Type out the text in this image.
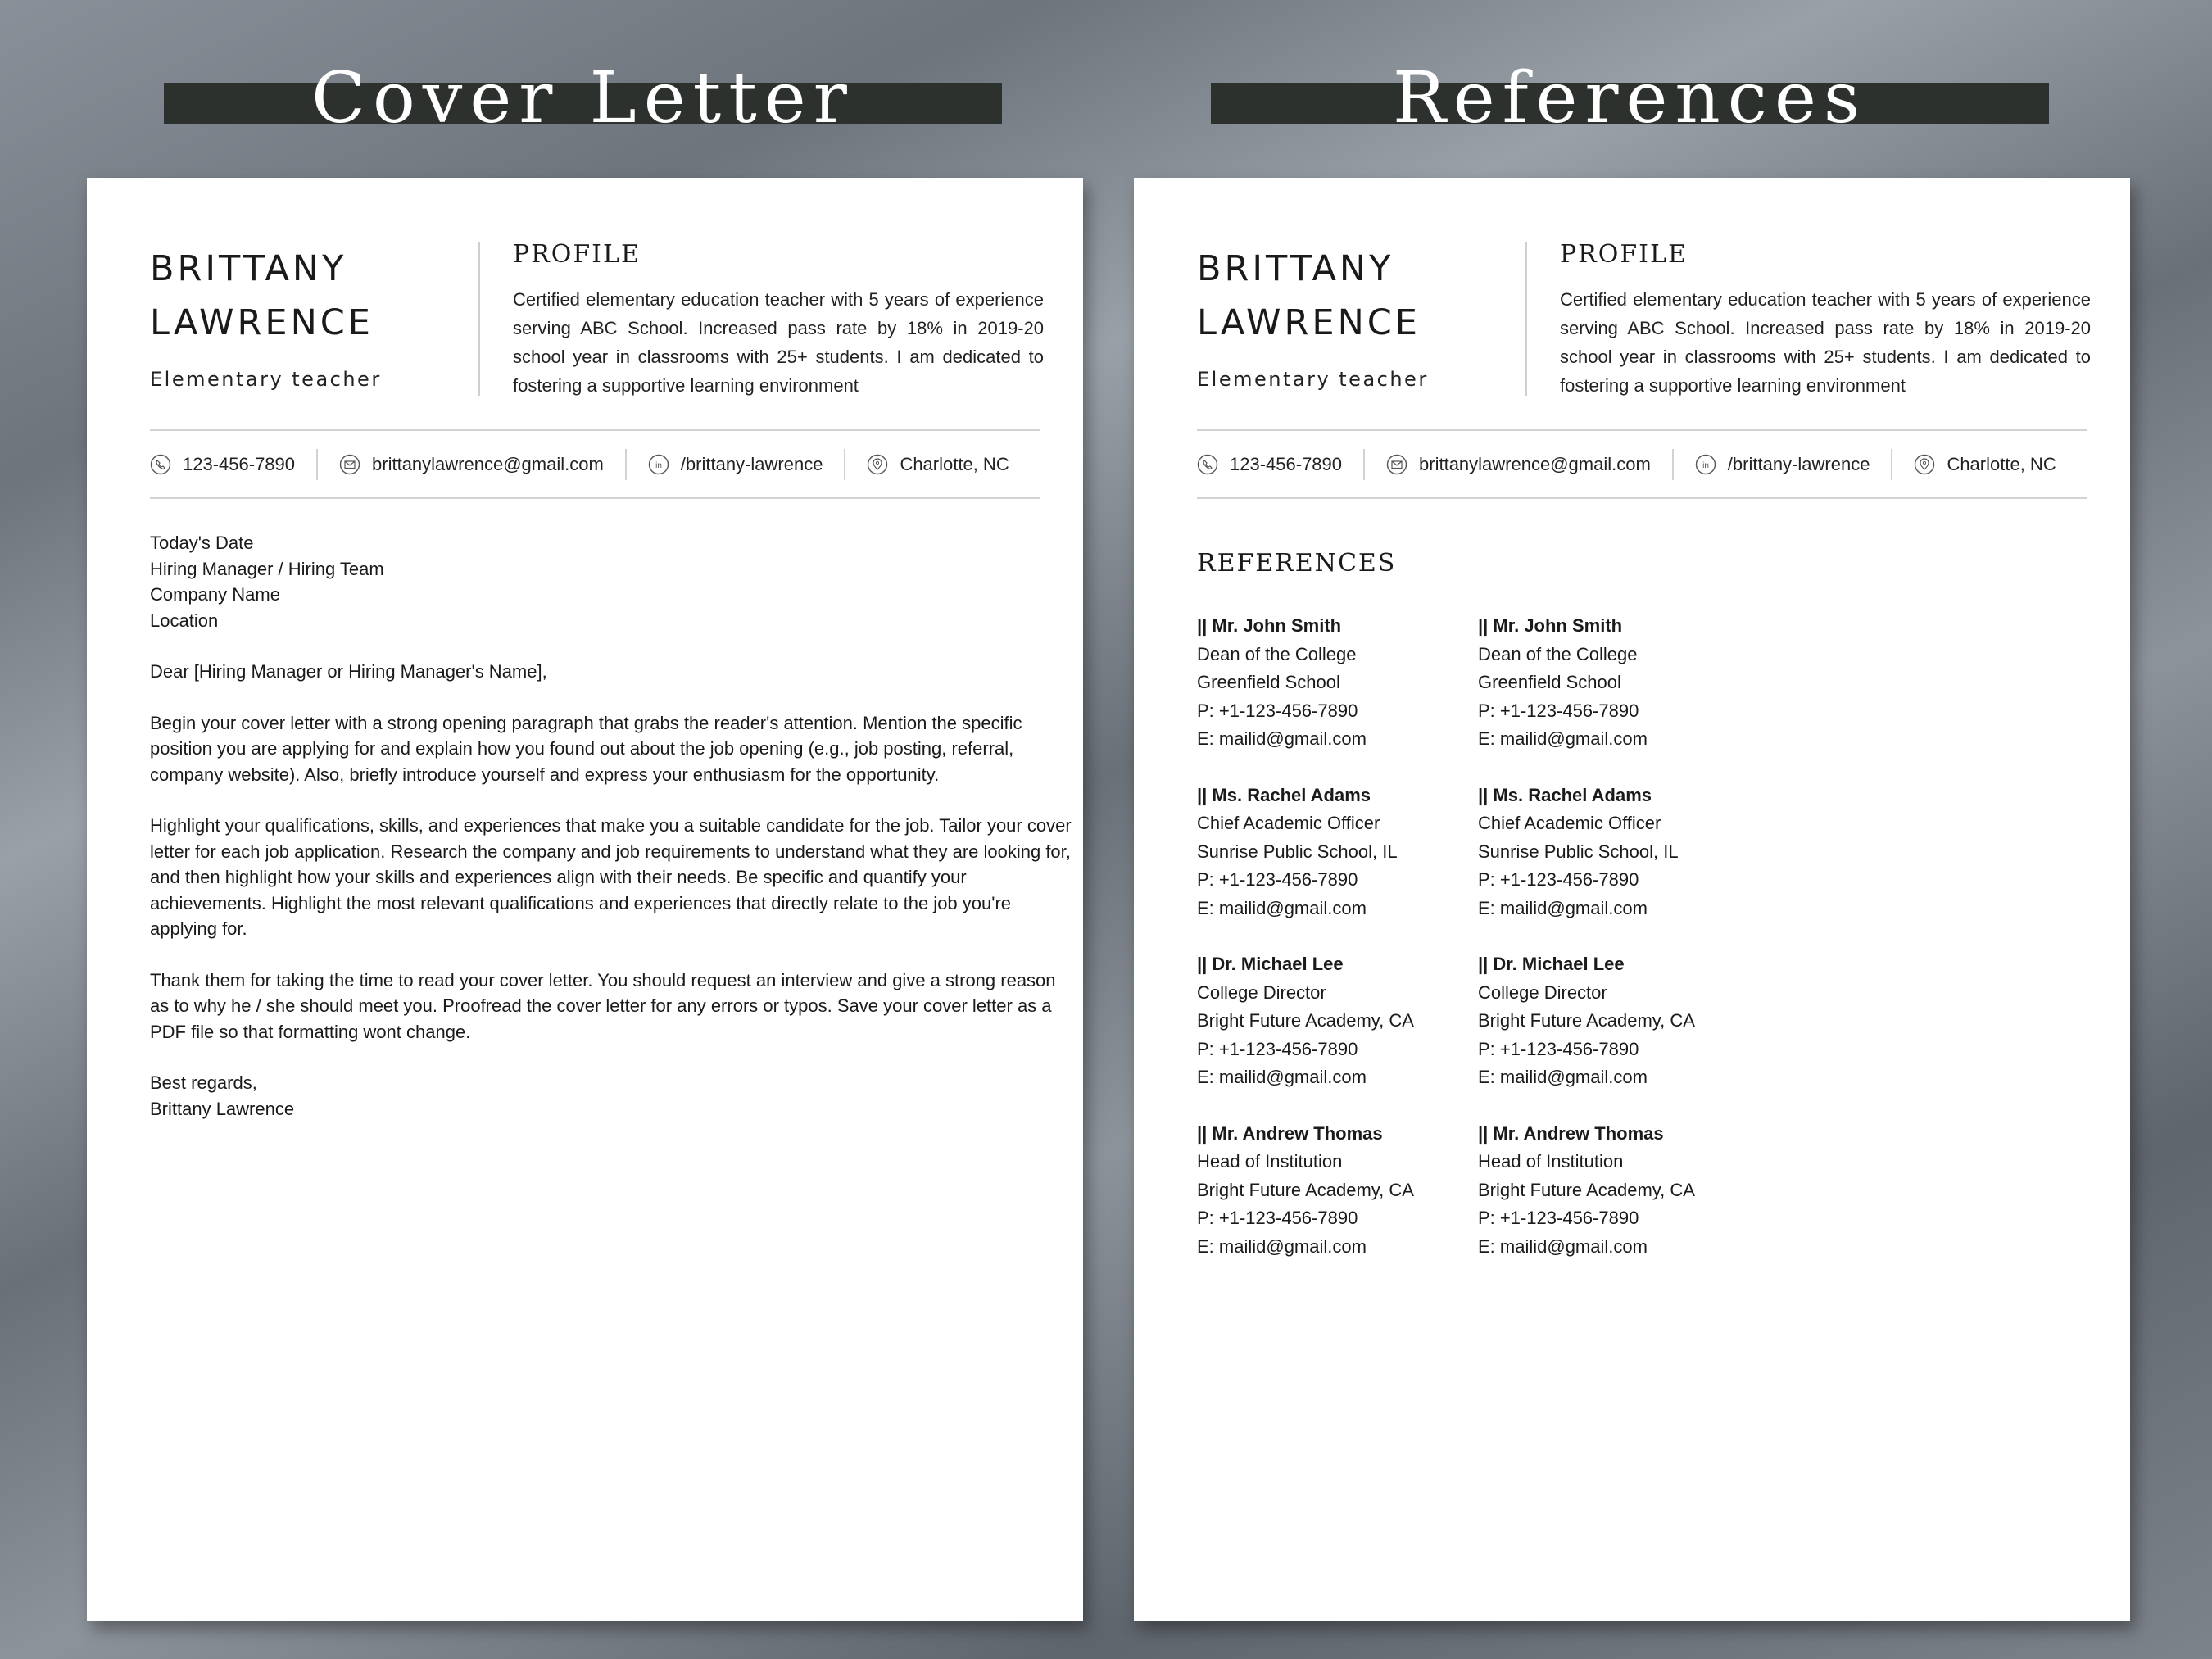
Cover Letter	References
BRITTANY
LAWRENCE
Elementary teacher
PROFILE
Certified elementary education teacher with 5 years of experience serving ABC School. Increased pass rate by 18% in 2019-20 school year in classrooms with 25+ students. I am dedicated to fostering a supportive learning environment
123-456-7890	brittanylawrence@gmail.com	in /brittany-lawrence	Charlotte, NC

Today's Date
Hiring Manager / Hiring Team
Company Name
Location

Dear [Hiring Manager or Hiring Manager's Name],

Begin your cover letter with a strong opening paragraph that grabs the reader's attention. Mention the specific position you are applying for and explain how you found out about the job opening (e.g., job posting, referral, company website). Also, briefly introduce yourself and express your enthusiasm for the opportunity.

Highlight your qualifications, skills, and experiences that make you a suitable candidate for the job. Tailor your cover letter for each job application. Research the company and job requirements to understand what they are looking for, and then highlight how your skills and experiences align with their needs. Be specific and quantify your achievements. Highlight the most relevant qualifications and experiences that directly relate to the job you're applying for.

Thank them for taking the time to read your cover letter. You should request an interview and give a strong reason as to why he / she should meet you. Proofread the cover letter for any errors or typos. Save your cover letter as a PDF file so that formatting wont change.

Best regards,
Brittany Lawrence

BRITTANY
LAWRENCE
Elementary teacher
PROFILE
Certified elementary education teacher with 5 years of experience serving ABC School. Increased pass rate by 18% in 2019-20 school year in classrooms with 25+ students. I am dedicated to fostering a supportive learning environment
123-456-7890	brittanylawrence@gmail.com	in /brittany-lawrence	Charlotte, NC
REFERENCES
|| Mr. John Smith
Dean of the College
Greenfield School
P: +1-123-456-7890
E: mailid@gmail.com
|| Ms. Rachel Adams
Chief Academic Officer
Sunrise Public School, IL
P: +1-123-456-7890
E: mailid@gmail.com
|| Dr. Michael Lee
College Director
Bright Future Academy, CA
P: +1-123-456-7890
E: mailid@gmail.com
|| Mr. Andrew Thomas
Head of Institution
Bright Future Academy, CA
P: +1-123-456-7890
E: mailid@gmail.com
|| Mr. John Smith
Dean of the College
Greenfield School
P: +1-123-456-7890
E: mailid@gmail.com
|| Ms. Rachel Adams
Chief Academic Officer
Sunrise Public School, IL
P: +1-123-456-7890
E: mailid@gmail.com
|| Dr. Michael Lee
College Director
Bright Future Academy, CA
P: +1-123-456-7890
E: mailid@gmail.com
|| Mr. Andrew Thomas
Head of Institution
Bright Future Academy, CA
P: +1-123-456-7890
E: mailid@gmail.com
